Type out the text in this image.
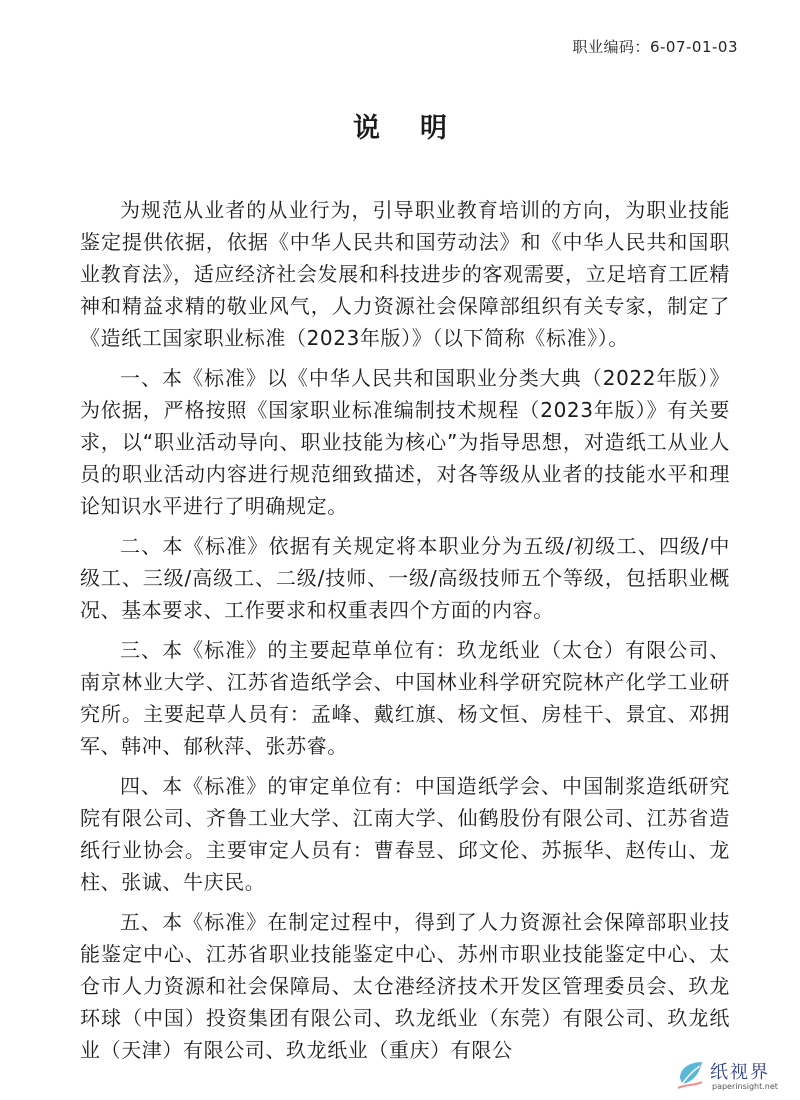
职业编码：6-07-01-03
说明

为规范从业者的从业行为，引导职业教育培训的方向，为职业技能鉴定提供依据，依据《中华人民共和国劳动法》和《中华人民共和国职业教育法》，适应经济社会发展和科技进步的客观需要，立足培育工匠精神和精益求精的敬业风气，人力资源社会保障部组织有关专家，制定了《造纸工国家职业标准（2023年版）》（以下简称《标准》）。

一、本《标准》以《中华人民共和国职业分类大典（2022年版）》为依据，严格按照《国家职业标准编制技术规程（2023年版）》有关要求，以“职业活动导向、职业技能为核心”为指导思想，对造纸工从业人员的职业活动内容进行规范细致描述，对各等级从业者的技能水平和理论知识水平进行了明确规定。

二、本《标准》依据有关规定将本职业分为五级/初级工、四级/中级工、三级/高级工、二级/技师、一级/高级技师五个等级，包括职业概况、基本要求、工作要求和权重表四个方面的内容。

三、本《标准》的主要起草单位有：玖龙纸业（太仓）有限公司、南京林业大学、江苏省造纸学会、中国林业科学研究院林产化学工业研究所。主要起草人员有：孟峰、戴红旗、杨文恒、房桂干、景宜、邓拥军、韩冲、郁秋萍、张苏睿。

四、本《标准》的审定单位有：中国造纸学会、中国制浆造纸研究院有限公司、齐鲁工业大学、江南大学、仙鹤股份有限公司、江苏省造纸行业协会。主要审定人员有：曹春昱、邱文伦、苏振华、赵传山、龙柱、张诚、牛庆民。

五、本《标准》在制定过程中，得到了人力资源社会保障部职业技能鉴定中心、江苏省职业技能鉴定中心、苏州市职业技能鉴定中心、太仓市人力资源和社会保障局、太仓港经济技术开发区管理委员会、玖龙环球（中国）投资集团有限公司、玖龙纸业（东莞）有限公司、玖龙纸业（天津）有限公司、玖龙纸业（重庆）有限公

纸视界
paperinsight.net
